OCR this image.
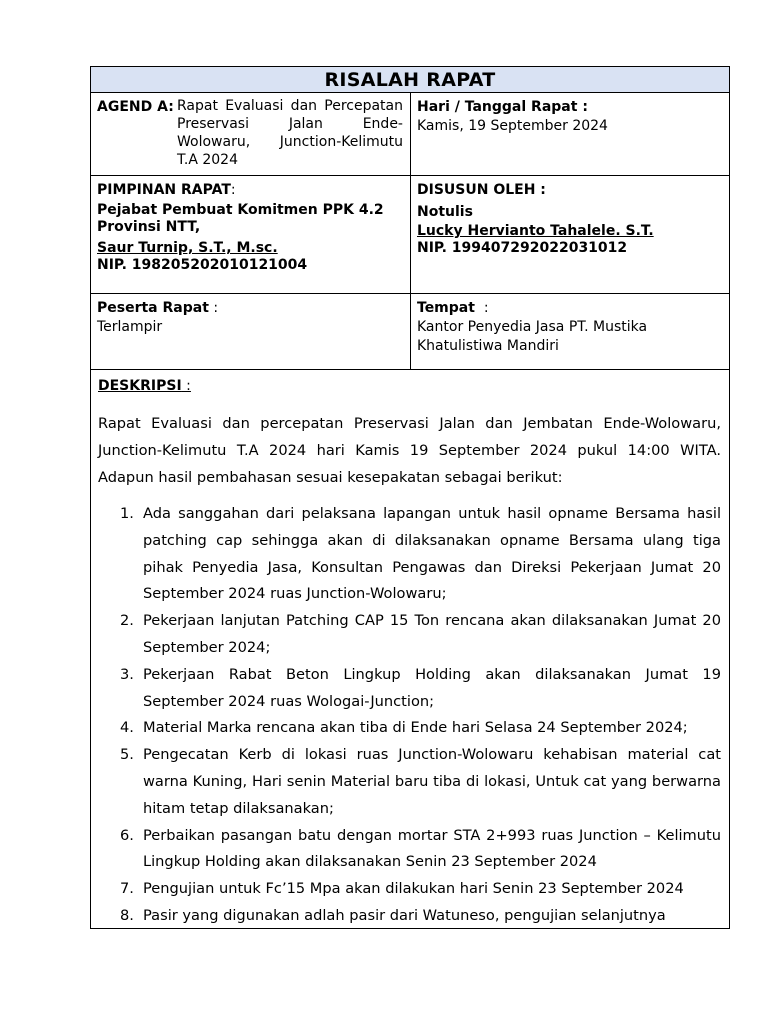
RISALAH RAPAT
AGEND A: Rapat Evaluasi dan Percepatan Preservasi Jalan Ende-Wolowaru, Junction-Kelimutu T.A 2024
Hari / Tanggal Rapat :
Kamis, 19 September 2024
PIMPINAN RAPAT:
Pejabat Pembuat Komitmen PPK 4.2 Provinsi NTT,
Saur Turnip, S.T., M.sc.
NIP. 198205202010121004
DISUSUN OLEH :
Notulis
Lucky Hervianto Tahalele. S.T.
NIP. 199407292022031012
Peserta Rapat :
Terlampir
Tempat  :
Kantor Penyedia Jasa PT. Mustika Khatulistiwa Mandiri
DESKRIPSI :

Rapat Evaluasi dan percepatan Preservasi Jalan dan Jembatan Ende-Wolowaru, Junction-Kelimutu T.A 2024 hari Kamis 19 September 2024 pukul 14:00 WITA. Adapun hasil pembahasan sesuai kesepakatan sebagai berikut:

1. Ada sanggahan dari pelaksana lapangan untuk hasil opname Bersama hasil patching cap sehingga akan di dilaksanakan opname Bersama ulang tiga pihak Penyedia Jasa, Konsultan Pengawas dan Direksi Pekerjaan Jumat 20 September 2024 ruas Junction-Wolowaru;
2. Pekerjaan lanjutan Patching CAP 15 Ton rencana akan dilaksanakan Jumat 20 September 2024;
3. Pekerjaan Rabat Beton Lingkup Holding akan dilaksanakan Jumat 19 September 2024 ruas Wologai-Junction;
4. Material Marka rencana akan tiba di Ende hari Selasa 24 September 2024;
5. Pengecatan Kerb di lokasi ruas Junction-Wolowaru kehabisan material cat warna Kuning, Hari senin Material baru tiba di lokasi, Untuk cat yang berwarna hitam tetap dilaksanakan;
6. Perbaikan pasangan batu dengan mortar STA 2+993 ruas Junction – Kelimutu Lingkup Holding akan dilaksanakan Senin 23 September 2024
7. Pengujian untuk Fc’15 Mpa akan dilakukan hari Senin 23 September 2024
8. Pasir yang digunakan adlah pasir dari Watuneso, pengujian selanjutnya
